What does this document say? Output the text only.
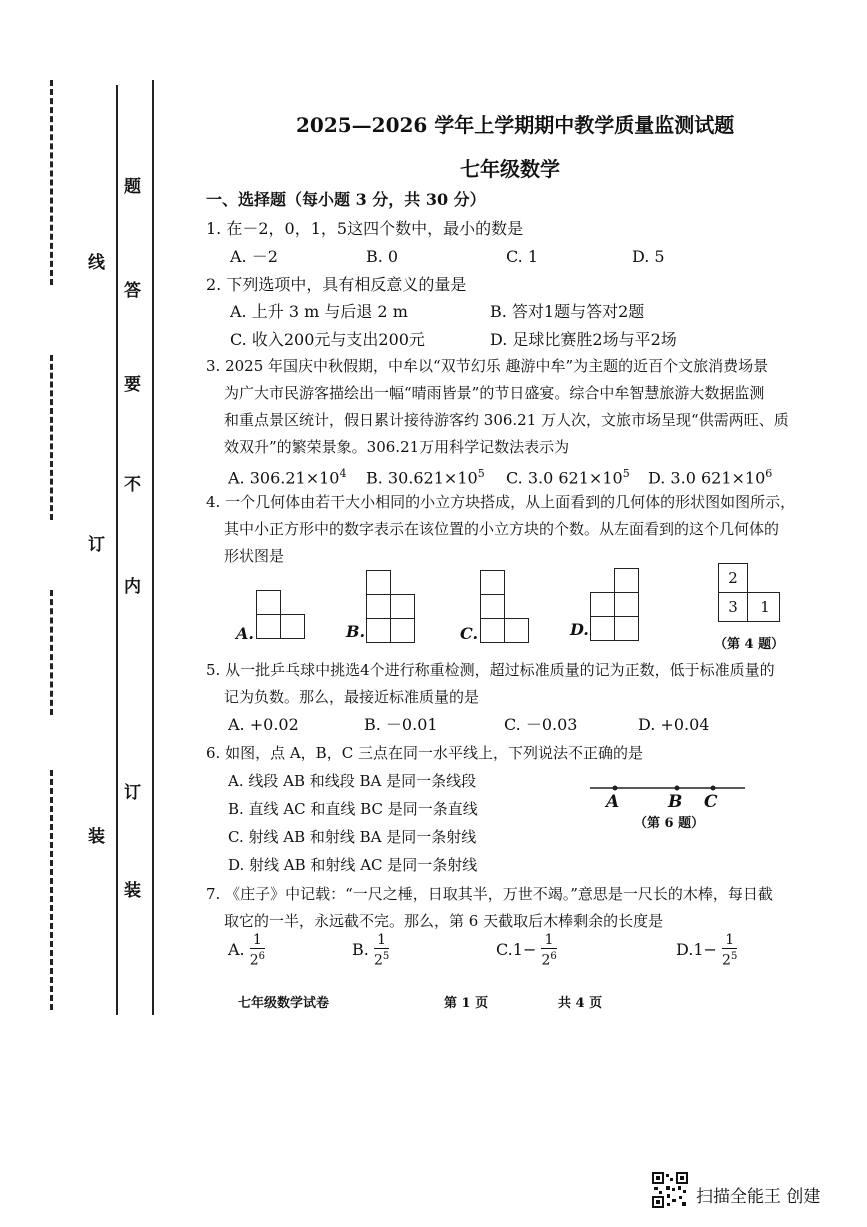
线
订
装
题
答
要
不
内
订
装
2025—2026 学年上学期期中教学质量监测试题
七年级数学
一、选择题（每小题 3 分，共 30 分）
1. 在－2，0，1，5这四个数中，最小的数是
A. －2	B. 0	C. 1	D. 5
2. 下列选项中，具有相反意义的量是
A. 上升 3 m 与后退 2 m	B. 答对1题与答对2题
C. 收入200元与支出200元	D. 足球比赛胜2场与平2场
3. 2025 年国庆中秋假期，中牟以“双节幻乐 趣游中牟”为主题的近百个文旅消费场景
为广大市民游客描绘出一幅“晴雨皆景”的节日盛宴。综合中牟智慧旅游大数据监测
和重点景区统计，假日累计接待游客约 306.21 万人次，文旅市场呈现“供需两旺、质
效双升”的繁荣景象。306.21万用科学记数法表示为
A. $306.21\times 10^4$ B. $30.621\times 10^5$ C. 3.0 $621\times 10^5$ D. 3.0 $621\times 10^6$
4. 一个几何体由若干大小相同的小立方块搭成，从上面看到的几何体的形状图如图所示，
其中小正方形中的数字表示在该位置的小立方块的个数。从左面看到的这个几何体的
形状图是
A.	B.	C.	D.
2
3	1
（第 4 题）
5. 从一批乒乓球中挑选4个进行称重检测，超过标准质量的记为正数，低于标准质量的
记为负数。那么，最接近标准质量的是
A. +0.02	B. －0.01	C. －0.03	D. +0.04
6. 如图，点 A，B，C 三点在同一水平线上，下列说法不正确的是
A. 线段 AB 和线段 BA 是同一条线段
B. 直线 AC 和直线 BC 是同一条直线
C. 射线 AB 和射线 BA 是同一条射线
D. 射线 AB 和射线 AC 是同一条射线
A	B C
（第 6 题）
7. 《庄子》中记载：“一尺之棰，日取其半，万世不竭。”意思是一尺长的木棒，每日截
取它的一半，永远截不完。那么，第 6 天截取后木棒剩余的长度是
A. $\frac{1}{2^6}$	B. $\frac{1}{2^5}$	$C.1- \frac{1}{2^6}$	$D.1- \frac{1}{2^5}$
七年级数学试卷	第 1 页	共 4 页
扫描全能王 创建
